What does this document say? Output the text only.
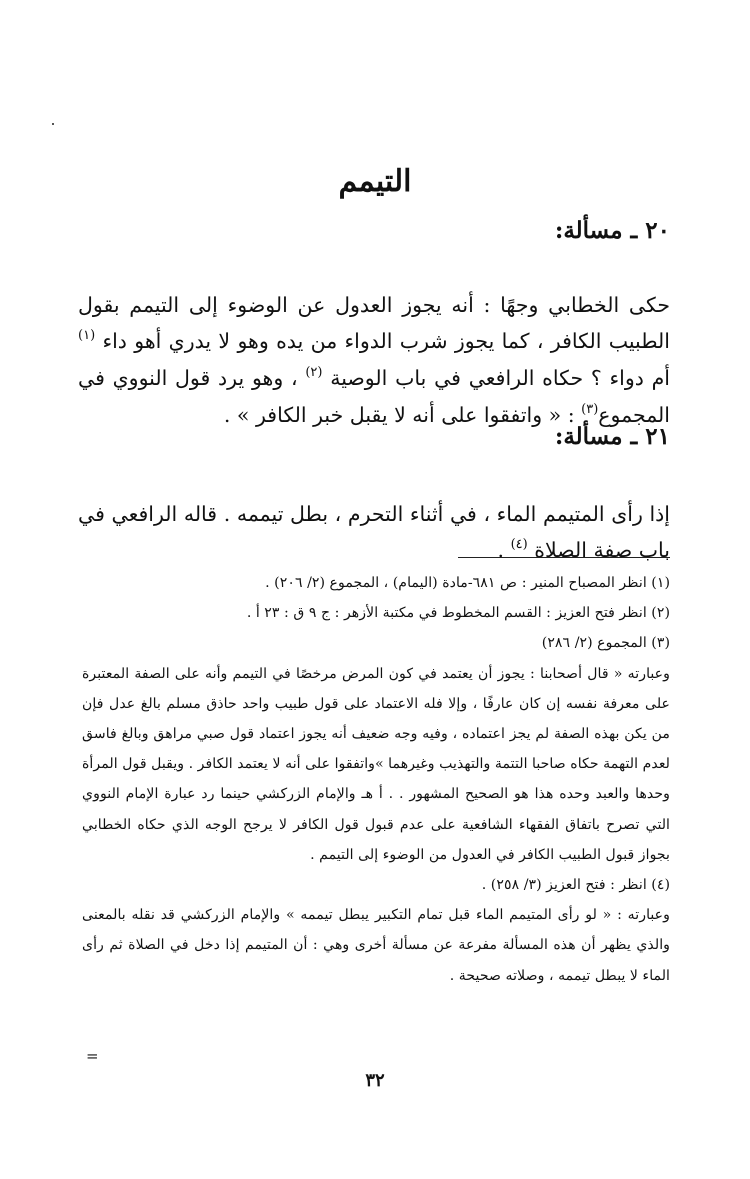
التيمم
٢٠ ـ مسألة:

حكى الخطابي وجهًا : أنه يجوز العدول عن الوضوء إلى التيمم بقول الطبيب الكافر ، كما يجوز شرب الدواء من يده وهو لا يدري أهو داء $^{(١)}$ أم دواء ؟ حكاه الرافعي في باب الوصية $^{(٢)}$ ، وهو يرد قول النووي في المجموع$^{(٣)}$ : « واتفقوا على أنه لا يقبل خبر الكافر » .

٢١ ـ مسألة:

إذا رأى المتيمم الماء ، في أثناء التحرم ، بطل تيممه . قاله الرافعي في باب صفة الصلاة $^{(٤)}$ .

(١) انظر المصباح المنير : ص ٦٨١-مادة (اليمام) ، المجموع (٢/ ٢٠٦) .

(٢) انظر فتح العزيز : القسم المخطوط في مكتبة الأزهر : ج ٩ ق : ٢٣ أ .

(٣) المجموع (٢/ ٢٨٦)

وعبارته « قال أصحابنا : يجوز أن يعتمد في كون المرض مرخصًا في التيمم وأنه على الصفة المعتبرة على معرفة نفسه إن كان عارفًا ، وإلا فله الاعتماد على قول طبيب واحد حاذق مسلم بالغ عدل فإن من يكن بهذه الصفة لم يجز اعتماده ، وفيه وجه ضعيف أنه يجوز اعتماد قول صبي مراهق وبالغ فاسق لعدم التهمة حكاه صاحبا التتمة والتهذيب وغيرهما »واتفقوا على أنه لا يعتمد الكافر . ويقبل قول المرأة وحدها والعبد وحده هذا هو الصحيح المشهور . . أ هـ والإمام الزركشي حينما رد عبارة الإمام النووي التي تصرح باتفاق الفقهاء الشافعية على عدم قبول قول الكافر لا يرجح الوجه الذي حكاه الخطابي بجواز قبول الطبيب الكافر في العدول من الوضوء إلى التيمم .

(٤) انظر : فتح العزيز (٣/ ٢٥٨) .

وعبارته : « لو رأى المتيمم الماء قبل تمام التكبير يبطل تيممه » والإمام الزركشي قد نقله بالمعنى والذي يظهر أن هذه المسألة مفرعة عن مسألة أخرى وهي : أن المتيمم إذا دخل في الصلاة ثم رأى الماء لا يبطل تيممه ، وصلاته صحيحة .

=
٣٢
